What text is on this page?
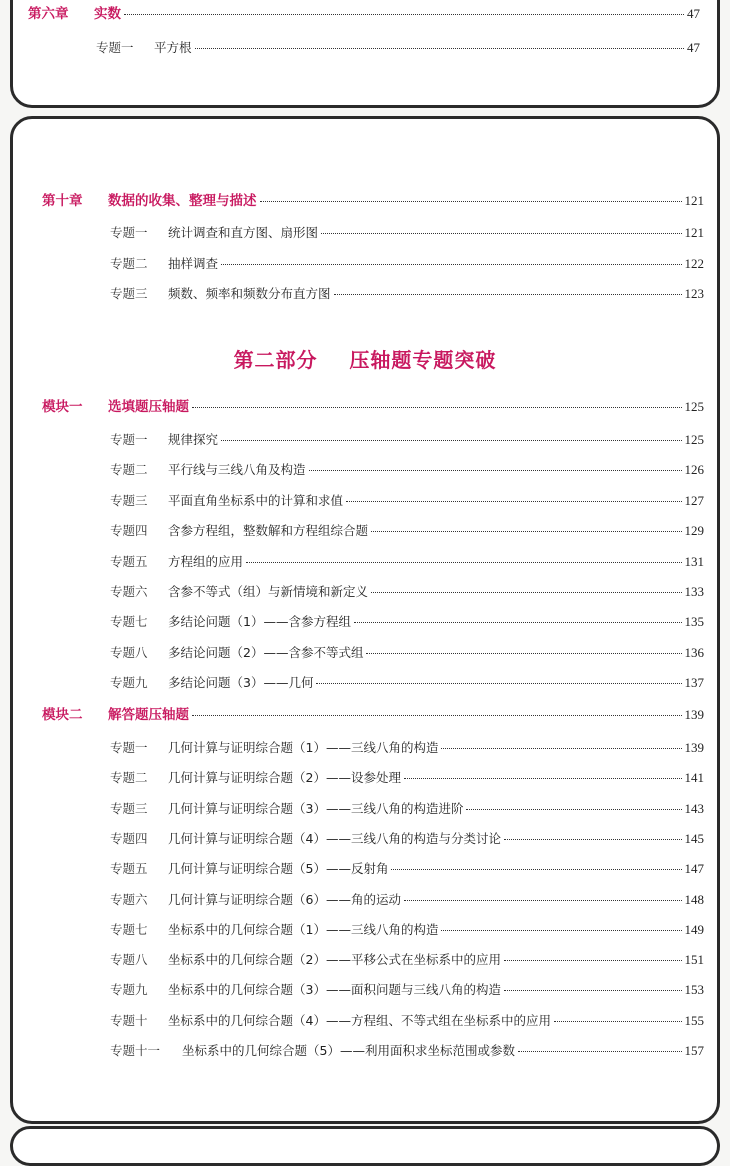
第六章 实数	47
专题一	平方根	47
第十章	数据的收集、整理与描述	121
专题一	统计调查和直方图、扇形图	121
专题二	抽样调查	122
专题三	频数、频率和频数分布直方图	123
第二部分    压轴题专题突破
模块一	选填题压轴题	125
专题一	规律探究	125
专题二	平行线与三线八角及构造	126
专题三	平面直角坐标系中的计算和求值	127
专题四	含参方程组，整数解和方程组综合题	129
专题五	方程组的应用	131
专题六	含参不等式（组）与新情境和新定义	133
专题七	多结论问题（1）——含参方程组	135
专题八	多结论问题（2）——含参不等式组	136
专题九	多结论问题（3）——几何	137
模块二	解答题压轴题	139
专题一	几何计算与证明综合题（1）——三线八角的构造	139
专题二	几何计算与证明综合题（2）——设参处理	141
专题三	几何计算与证明综合题（3）——三线八角的构造进阶	143
专题四	几何计算与证明综合题（4）——三线八角的构造与分类讨论	145
专题五	几何计算与证明综合题（5）——反射角	147
专题六	几何计算与证明综合题（6）——角的运动	148
专题七	坐标系中的几何综合题（1）——三线八角的构造	149
专题八	坐标系中的几何综合题（2）——平移公式在坐标系中的应用	151
专题九	坐标系中的几何综合题（3）——面积问题与三线八角的构造	153
专题十	坐标系中的几何综合题（4）——方程组、不等式组在坐标系中的应用	155
专题十一	坐标系中的几何综合题（5）——利用面积求坐标范围或参数	157
